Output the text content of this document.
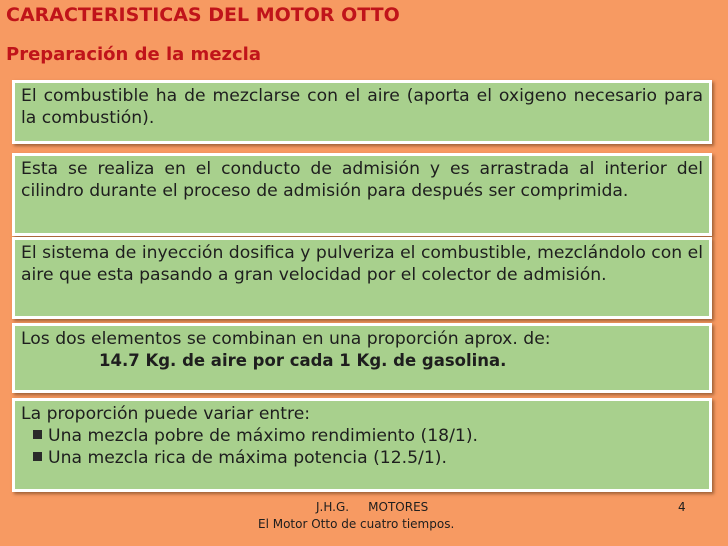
CARACTERISTICAS DEL MOTOR OTTO
Preparación de la mezcla

El combustible ha de mezclarse con el aire (aporta el oxigeno necesario para la combustión).

Esta se realiza en el conducto de admisión y es arrastrada al interior del cilindro durante el proceso de admisión para después ser comprimida.

El sistema de inyección dosifica y pulveriza el combustible, mezclándolo con el aire que esta pasando a gran velocidad por el colector de admisión.

Los dos elementos se combinan en una proporción aprox. de:

14.7 Kg. de aire por cada 1 Kg. de gasolina.

La proporción puede variar entre:

Una mezcla pobre de máximo rendimiento (18/1).
Una mezcla rica de máxima potencia (12.5/1).
J.H.G. MOTORES
El Motor Otto de cuatro tiempos.
4
